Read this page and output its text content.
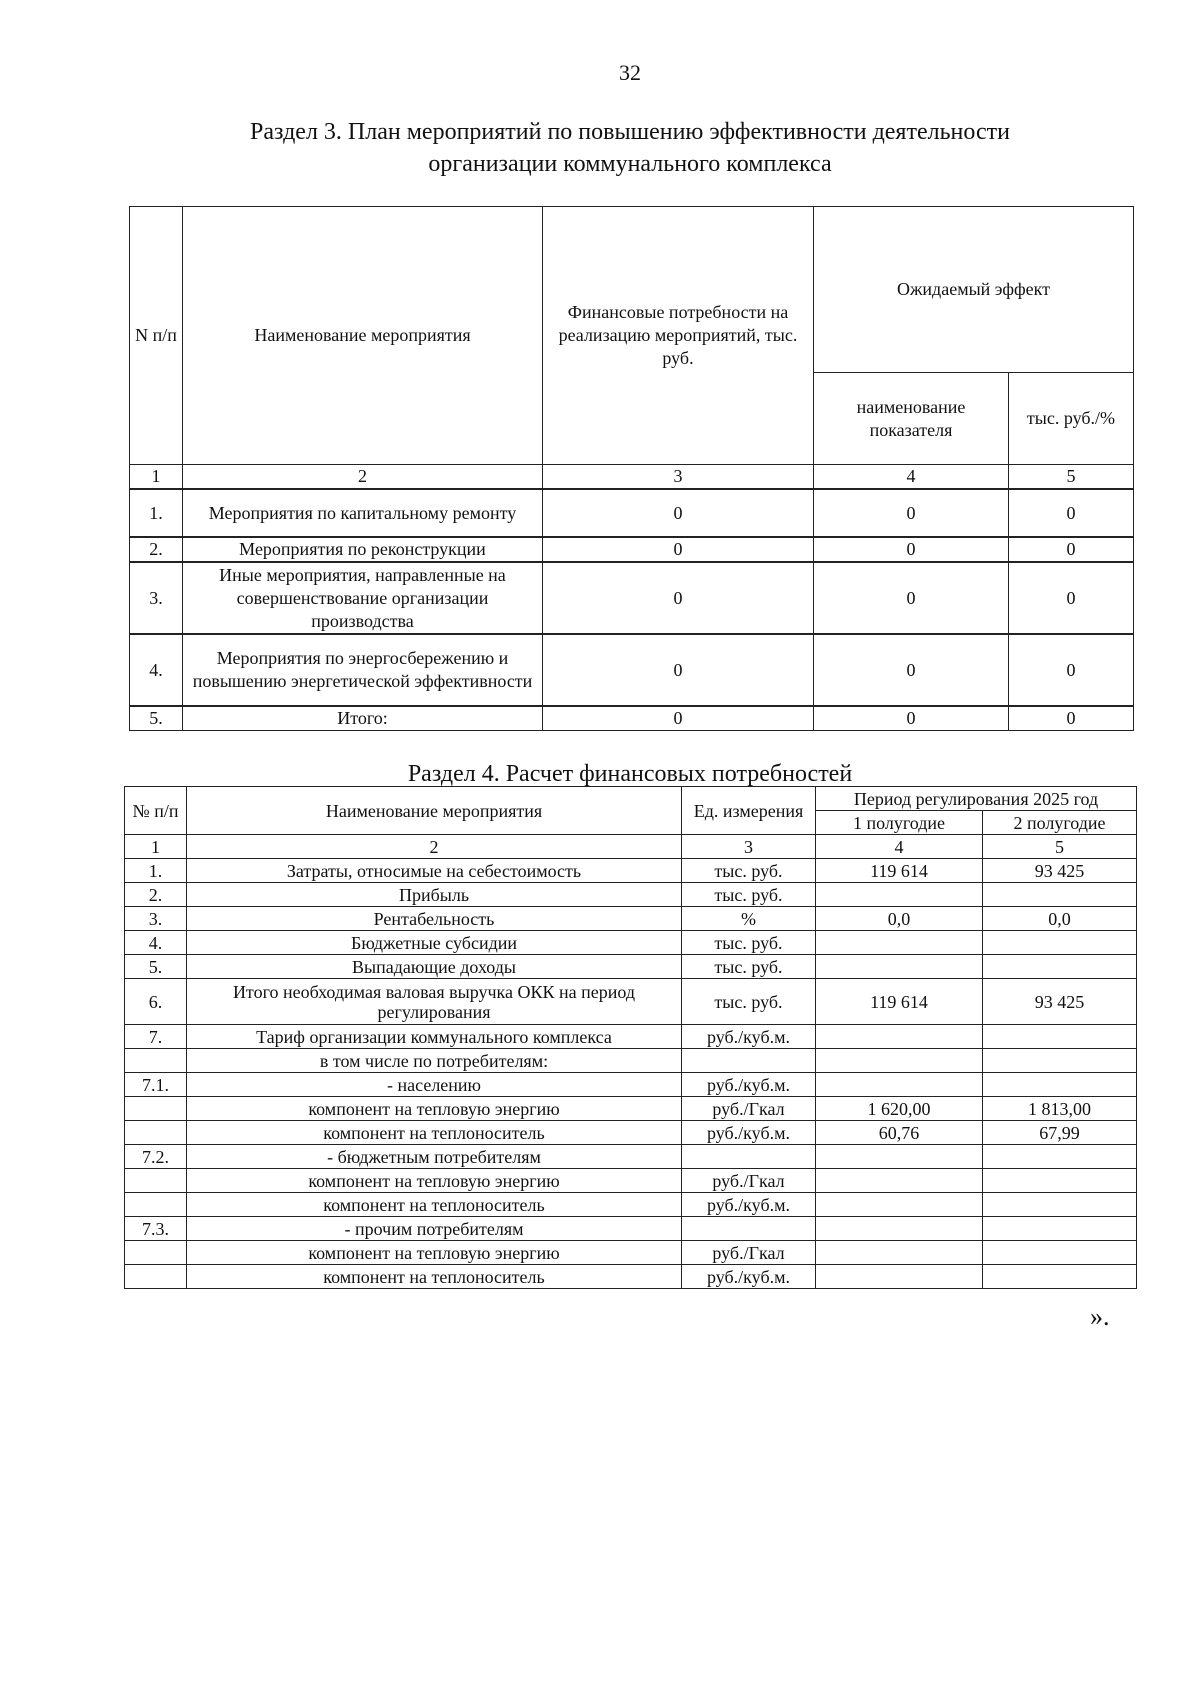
32
Раздел 3. План мероприятий по повышению эффективности деятельности
организации коммунального комплекса
N п/п	Наименование мероприятия	Финансовые потребности на реализацию мероприятий, тыс. руб.	Ожидаемый эффект	
			наименование показателя	тыс. руб./%
1	2	3	4	5
1.	Мероприятия по капитальному ремонту	0	0	0
2.	Мероприятия по реконструкции	0	0	0
3.	Иные мероприятия, направленные на совершенствование организации производства	0	0	0
4.	Мероприятия по энергосбережению и повышению энергетической эффективности	0	0	0
5.	Итого:	0	0	0
Раздел 4. Расчет финансовых потребностей
№ п/п	Наименование мероприятия	Ед. измерения	Период регулирования 2025 год	
			1 полугодие	2 полугодие
1	2	3	4	5
1.	Затраты, относимые на себестоимость	тыс. руб.	119 614	93 425
2.	Прибыль	тыс. руб.		
3.	Рентабельность	%	0,0	0,0
4.	Бюджетные субсидии	тыс. руб.		
5.	Выпадающие доходы	тыс. руб.		
6.	Итого необходимая валовая выручка ОКК на период регулирования	тыс. руб.	119 614	93 425
7.	Тариф организации коммунального комплекса	руб./куб.м.		
	в том числе по потребителям:			
7.1.	- населению	руб./куб.м.		
	компонент на тепловую энергию	руб./Гкал	1 620,00	1 813,00
	компонент на теплоноситель	руб./куб.м.	60,76	67,99
7.2.	- бюджетным потребителям			
	компонент на тепловую энергию	руб./Гкал		
	компонент на теплоноситель	руб./куб.м.		
7.3.	- прочим потребителям			
	компонент на тепловую энергию	руб./Гкал		
	компонент на теплоноситель	руб./куб.м.		
».
